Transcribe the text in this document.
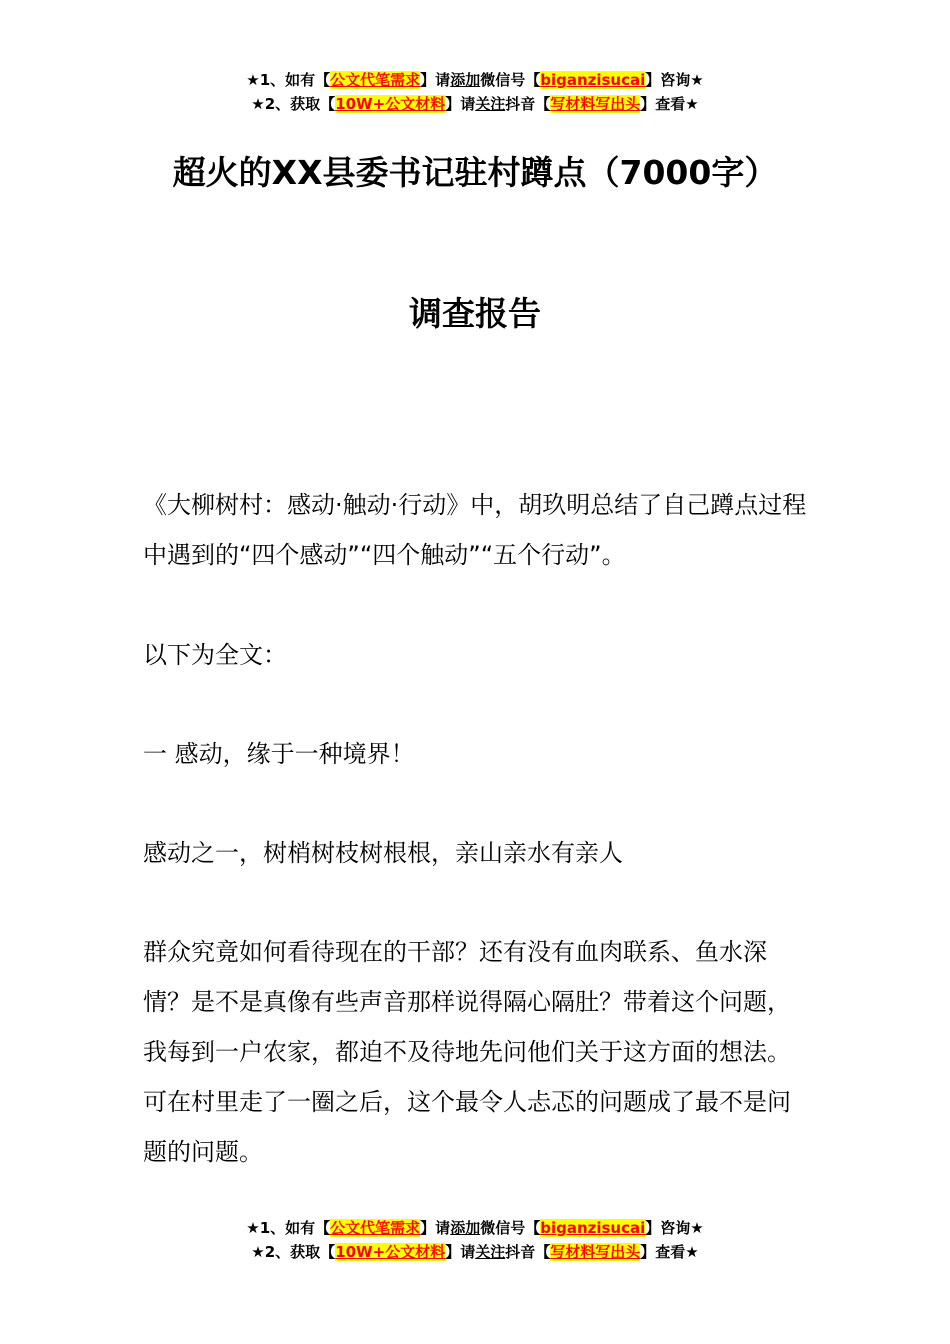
★1、如有【公文代笔需求】请添加微信号【biganzisucai】咨询★
★2、获取【10W+公文材料】请关注抖音【写材料写出头】查看★
超火的XX县委书记驻村蹲点（7000字）
调查报告

《大柳树村：感动·触动·行动》中，胡玖明总结了自己蹲点过程中遇到的“四个感动”“四个触动”“五个行动”。

以下为全文：

一 感动，缘于一种境界！

感动之一，树梢树枝树根根，亲山亲水有亲人

群众究竟如何看待现在的干部？还有没有血肉联系、鱼水深情？是不是真像有些声音那样说得隔心隔肚？带着这个问题，我每到一户农家，都迫不及待地先问他们关于这方面的想法。可在村里走了一圈之后，这个最令人忐忑的问题成了最不是问题的问题。

★1、如有【公文代笔需求】请添加微信号【biganzisucai】咨询★
★2、获取【10W+公文材料】请关注抖音【写材料写出头】查看★
